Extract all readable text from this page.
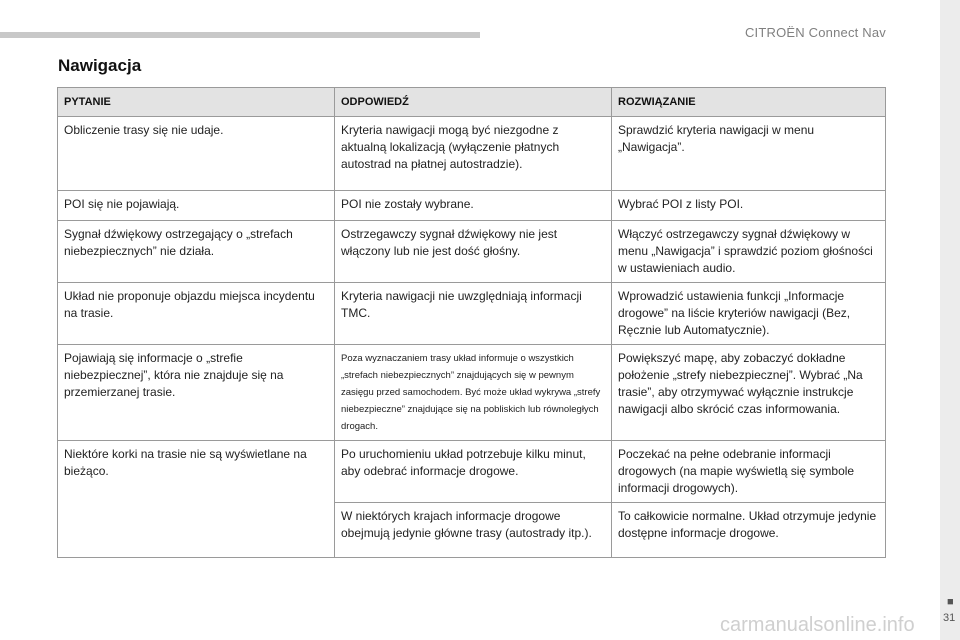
CITROËN Connect Nav
Nawigacja
PYTANIE	ODPOWIEDŹ	ROZWIĄZANIE
Obliczenie trasy się nie udaje.	Kryteria nawigacji mogą być niezgodne z aktualną lokalizacją (wyłączenie płatnych autostrad na płatnej autostradzie).	Sprawdzić kryteria nawigacji w menu „Nawigacja”.
POI się nie pojawiają.	POI nie zostały wybrane.	Wybrać POI z listy POI.
Sygnał dźwiękowy ostrzegający o „strefach niebezpiecznych” nie działa.	Ostrzegawczy sygnał dźwiękowy nie jest włączony lub nie jest dość głośny.	Włączyć ostrzegawczy sygnał dźwiękowy w menu „Nawigacja” i sprawdzić poziom głośności w ustawieniach audio.
Układ nie proponuje objazdu miejsca incydentu na trasie.	Kryteria nawigacji nie uwzględniają informacji TMC.	Wprowadzić ustawienia funkcji „Informacje drogowe” na liście kryteriów nawigacji (Bez, Ręcznie lub Automatycznie).
Pojawiają się informacje o „strefie niebezpiecznej”, która nie znajduje się na przemierzanej trasie.	Poza wyznaczaniem trasy układ informuje o wszystkich „strefach niebezpiecznych” znajdujących się w pewnym zasięgu przed samochodem. Być może układ wykrywa „strefy niebezpieczne” znajdujące się na pobliskich lub równoległych drogach.	Powiększyć mapę, aby zobaczyć dokładne położenie „strefy niebezpiecznej”. Wybrać „Na trasie”, aby otrzymywać wyłącznie instrukcje nawigacji albo skrócić czas informowania.
Niektóre korki na trasie nie są wyświetlane na bieżąco.	Po uruchomieniu układ potrzebuje kilku minut, aby odebrać informacje drogowe.	Poczekać na pełne odebranie informacji drogowych (na mapie wyświetlą się symbole informacji drogowych).
	W niektórych krajach informacje drogowe obejmują jedynie główne trasy (autostrady itp.).	To całkowicie normalne. Układ otrzymuje jedynie dostępne informacje drogowe.
■
31
carmanualsonline.info
